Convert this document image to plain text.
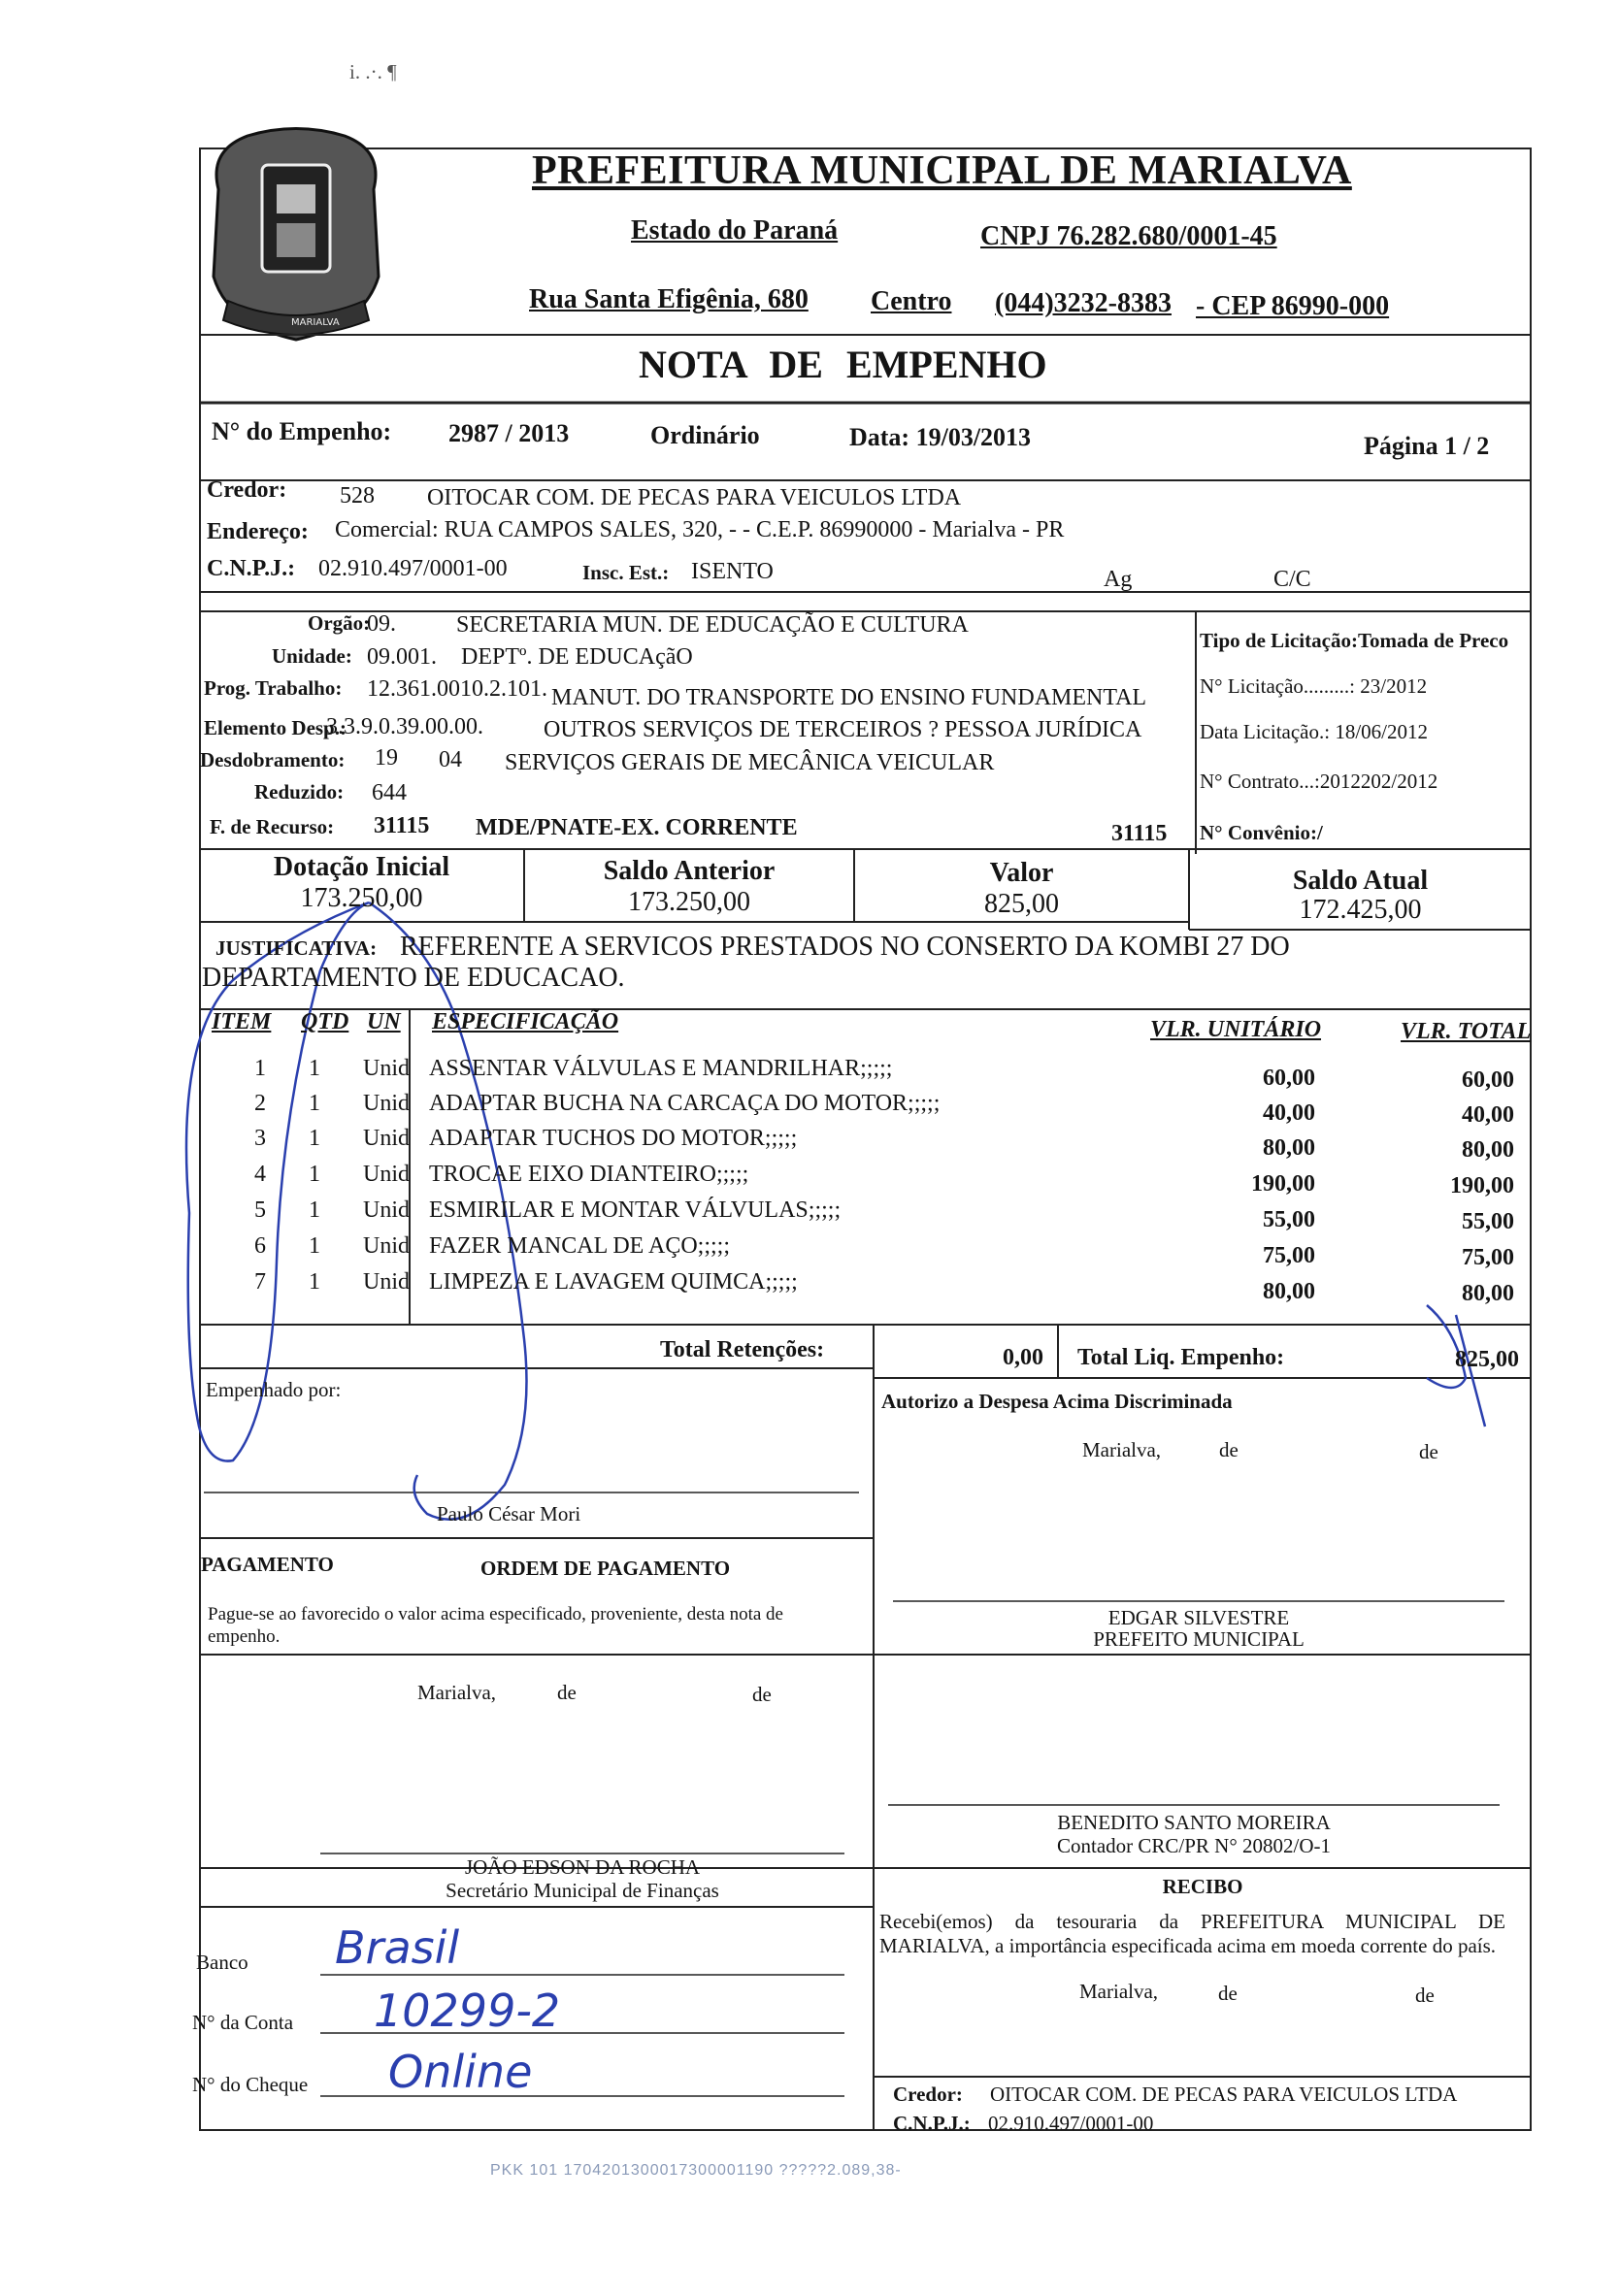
i. .·. ¶
MARIALVA
PREFEITURA MUNICIPAL DE MARIALVA
Estado do Paraná	CNPJ 76.282.680/0001-45
Rua Santa Efigênia, 680 Centro (044)3232-8383 - CEP 86990-000
NOTA DE EMPENHO
N° do Empenho: 2987 / 2013	Ordinário	Data: 19/03/2013	Página 1 / 2
Credor: 528 OITOCAR COM. DE PECAS PARA VEICULOS LTDA
Endereço: Comercial: RUA CAMPOS SALES, 320, - - C.E.P. 86990000 - Marialva - PR
C.N.P.J.: 02.910.497/0001-00	Insc. Est.: ISENTO	Ag	C/C
Orgão:
09.	SECRETARIA MUN. DE EDUCAÇÃO E CULTURA
Unidade: 09.001. DEPTº. DE EDUCAçãO
Prog. Trabalho: 12.361.0010.2.101. MANUT. DO TRANSPORTE DO ENSINO FUNDAMENTAL
Elemento Desp.:
3.3.9.0.39.00.00.	OUTROS SERVIÇOS DE TERCEIROS ? PESSOA JURÍDICA
Desdobramento: 19 04 SERVIÇOS GERAIS DE MECÂNICA VEICULAR
Reduzido: 644
F. de Recurso: 31115 MDE/PNATE-EX. CORRENTE	31115
Tipo de Licitação:Tomada de Preco
N° Licitação.........: 23/2012
Data Licitação.: 18/06/2012
N° Contrato...:2012202/2012
N° Convênio:/
Dotação Inicial
173.250,00
Saldo Anterior
173.250,00
Valor
825,00
Saldo Atual
172.425,00
JUSTIFICATIVA: REFERENTE A SERVICOS PRESTADOS NO CONSERTO DA KOMBI 27 DO
DEPARTAMENTO DE EDUCACAO.
ITEM QTD UN ESPECIFICAÇÃO	VLR. UNITÁRIO	VLR. TOTAL
1 1 Unid ASSENTAR VÁLVULAS E MANDRILHAR;;;;;	60,00	60,00
2 1 Unid ADAPTAR BUCHA NA CARCAÇA DO MOTOR;;;;;	40,00	40,00
3 1 Unid ADAPTAR TUCHOS DO MOTOR;;;;;	80,00	80,00
4 1 Unid TROCAE EIXO DIANTEIRO;;;;;	190,00	190,00
5 1 Unid ESMIRILAR E MONTAR VÁLVULAS;;;;;	55,00	55,00
6 1 Unid FAZER MANCAL DE AÇO;;;;;	75,00	75,00
7 1 Unid LIMPEZA E LAVAGEM QUIMCA;;;;;	80,00	80,00
Total Retenções:	0,00 Total Liq. Empenho:	825,00
Empenhado por:
Paulo César Mori
Autorizo a Despesa Acima Discriminada
Marialva,	de	de
PAGAMENTO	ORDEM DE PAGAMENTO
Pague-se ao favorecido o valor acima especificado, proveniente, desta nota de empenho.
Marialva,	de	de
EDGAR SILVESTRE
PREFEITO MUNICIPAL
BENEDITO SANTO MOREIRA
Contador CRC/PR N° 20802/O-1
JOÃO EDSON DA ROCHA
Secretário Municipal de Finanças	RECIBO
Recebi(emos) da tesouraria da PREFEITURA MUNICIPAL DE MARIALVA, a importância especificada acima em moeda corrente do país.
Marialva,	de	de
Banco Brasil
N° da Conta 10299-2
N° do Cheque Online	Credor: OITOCAR COM. DE PECAS PARA VEICULOS LTDA
C.N.P.J.: 02.910.497/0001-00
PKK 101 1704201300017300001190 ?????2.089,38-
